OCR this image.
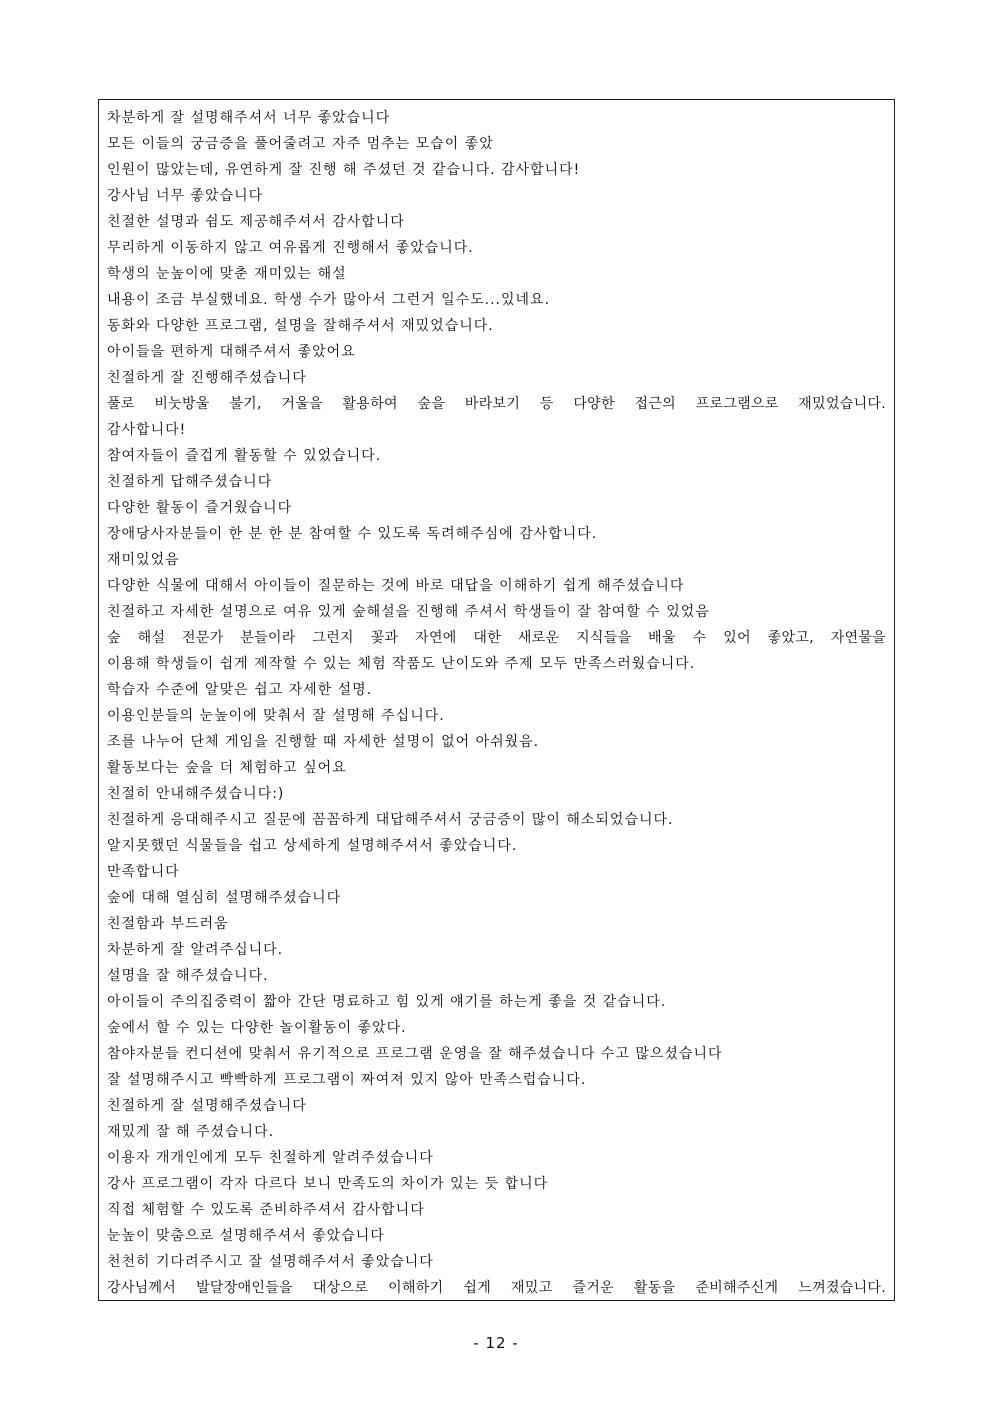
차분하게 잘 설명해주셔서 너무 좋았습니다
모든 이들의 궁금증을 풀어줄려고 자주 멈추는 모습이 좋았
인원이 많았는데, 유연하게 잘 진행 해 주셨던 것 같습니다. 감사합니다!
강사님 너무 좋았습니다
친절한 설명과 쉼도 제공해주셔서 감사합니다
무리하게 이동하지 않고 여유롭게 진행해서 좋았습니다.
학생의 눈높이에 맞춘 재미있는 해설
내용이 조금 부실했네요. 학생 수가 많아서 그런거 일수도...있네요.
동화와 다양한 프로그램, 설명을 잘해주셔서 재밌었습니다.
아이들을 편하게 대해주셔서 좋았어요
친절하게 잘 진행해주셨습니다
풀로 비눗방울 불기, 거울을 활용하여 숲을 바라보기 등 다양한 접근의 프로그램으로 재밌었습니다.
감사합니다!
참여자들이 즐겁게 활동할 수 있었습니다.
친절하게 답해주셨습니다
다양한 활동이 즐거웠습니다
장애당사자분들이 한 분 한 분 참여할 수 있도록 독려해주심에 감사합니다.
재미있었음
다양한 식물에 대해서 아이들이 질문하는 것에 바로 대답을 이해하기 쉽게 해주셨습니다
친절하고 자세한 설명으로 여유 있게 숲해설을 진행해 주셔서 학생들이 잘 참여할 수 있었음
숲 해설 전문가 분들이라 그런지 꽃과 자연에 대한 새로운 지식들을 배울 수 있어 좋았고, 자연물을
이용해 학생들이 쉽게 제작할 수 있는 체험 작품도 난이도와 주제 모두 만족스러웠습니다.
학습자 수준에 알맞은 쉽고 자세한 설명.
이용인분들의 눈높이에 맞춰서 잘 설명해 주십니다.
조를 나누어 단체 게임을 진행할 때 자세한 설명이 없어 아쉬웠음.
활동보다는 숲을 더 체험하고 싶어요
친절히 안내해주셨습니다:)
친절하게 응대해주시고 질문에 꼼꼼하게 대답해주셔서 궁금증이 많이 해소되었습니다.
알지못했던 식물들을 쉽고 상세하게 설명해주셔서 좋았습니다.
만족합니다
숲에 대해 열심히 설명해주셨습니다
친절함과 부드러움
차분하게 잘 알려주십니다.
설명을 잘 해주셨습니다.
아이들이 주의집중력이 짧아 간단 명료하고 힘 있게 얘기를 하는게 좋을 것 같습니다.
숲에서 할 수 있는 다양한 놀이활동이 좋았다.
참야자분들 컨디션에 맞춰서 유기적으로 프로그램 운영을 잘 해주셨습니다 수고 많으셨습니다
잘 설명해주시고 빡빡하게 프로그램이 짜여져 있지 않아 만족스럽습니다.
친절하게 잘 설명해주셨습니다
재밌게 잘 해 주셨습니다.
이용자 개개인에게 모두 친절하게 알려주셨습니다
강사 프로그램이 각자 다르다 보니 만족도의 차이가 있는 듯 합니다
직접 체험할 수 있도록 준비하주셔서 감사합니다
눈높이 맞춤으로 설명해주셔서 좋았습니다
천천히 기다려주시고 잘 설명해주셔서 좋았습니다
강사님께서 발달장애인들을 대상으로 이해하기 쉽게 재밌고 즐거운 활동을 준비해주신게 느껴졌습니다.
- 12 -
